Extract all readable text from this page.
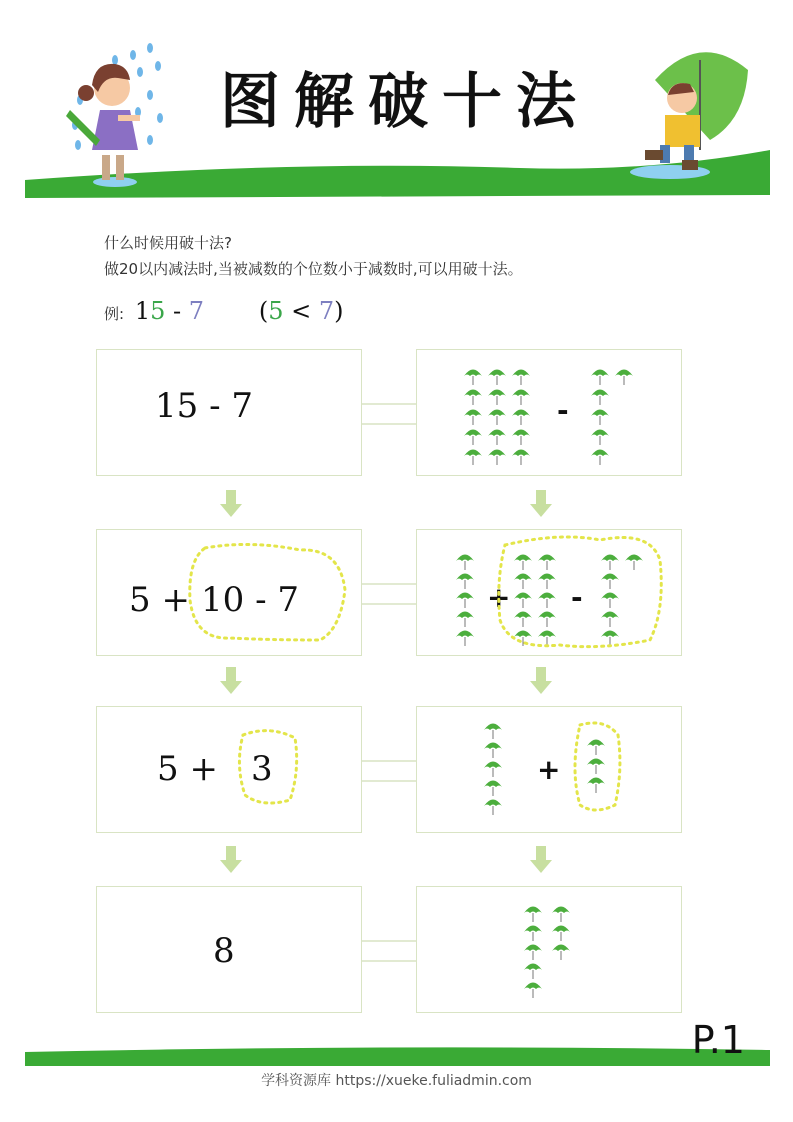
图解破十法
什么时候用破十法?
做20以内减法时,当被减数的个位数小于减数时,可以用破十法。
例: 15 - 7 (5 < 7)
15 - 7	-
5 + 10 - 7	+ -
5 + 3	+
8
P.1
学科资源库 https://xueke.fuliadmin.com
